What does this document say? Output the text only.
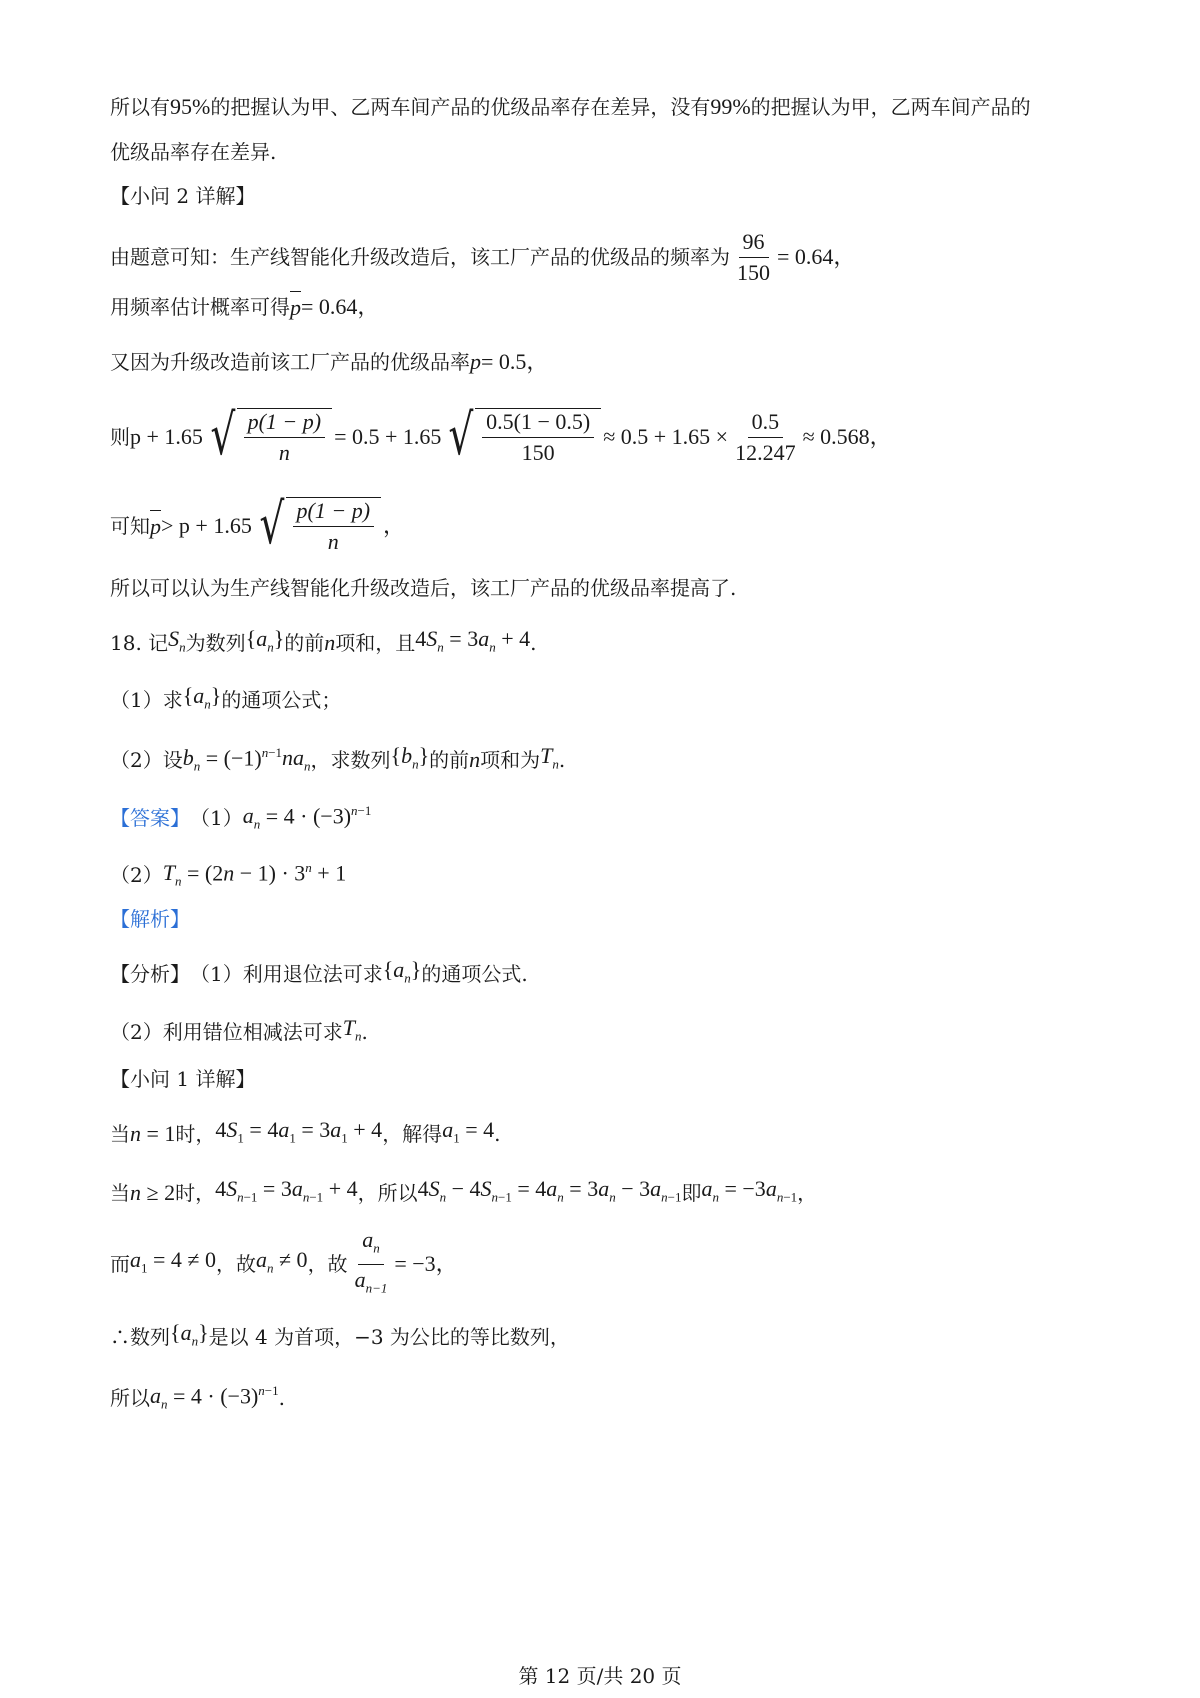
所以有 95% 的把握认为甲、乙两车间产品的优级品率存在差异，没有 99% 的把握认为甲，乙两车间产品的
优级品率存在差异.
【小问 2 详解】
由题意可知：生产线智能化升级改造后，该工厂产品的优级品的频率为 $\frac{96}{150} = 0.64$，
用频率估计概率可得 p = 0.64，
又因为升级改造前该工厂产品的优级品率 p = 0.5，
则 p + 1.65 √ $\frac{p(1 - p)}{n} = 0.5 + 1.65$ √ $\frac{0.5(1 - 0.5)}{150} \approx 0.5 + 1.65 \times \frac{0.5}{12.247} \approx 0.568$，
可知 p > p + 1.65 √ $\frac{p(1 - p)}{n}$ ，
所以可以认为生产线智能化升级改造后，该工厂产品的优级品率提高了.
18. 记 $S_n$ 为数列 $\{a_n\}$ 的前 n 项和，且 $4S_n = 3a_n + 4$ .
（1）求 $\{a_n\}$ 的通项公式；
（2）设 $b_n = (-1)^{n-1}na_n$ ，求数列 $\{b_n\}$ 的前 n 项和为 $T_n$ .
【答案】 （1） $a_n = 4 \cdot (-3)^{n-1}$
（2） $T_n = (2n - 1) \cdot 3^n + 1$
【解析】
【分析】 （1）利用退位法可求 $\{a_n\}$ 的通项公式.
（2）利用错位相减法可求 $T_n$ .
【小问 1 详解】
当 n = 1 时， $4S_1 = 4a_1 = 3a_1 + 4$ ，解得 $a_1 = 4$ .
当 n ≥ 2 时， $4S_{n-1} = 3a_{n-1} + 4$ ，所以 $4S_n - 4S_{n-1} = 4a_n = 3a_n - 3a_{n-1}$ 即 $a_n = -3a_{n-1}$ ，
而 $a_1 = 4 \ne 0$ ，故 $a_n \ne 0$ ，故 $\frac{a_n}{a_{n-1}} = -3$，
∴数列 $\{a_n\}$ 是以 4 为首项，−3 为公比的等比数列，
所以 $a_n = 4 \cdot (-3)^{n-1}$ .
第 12 页/共 20 页
